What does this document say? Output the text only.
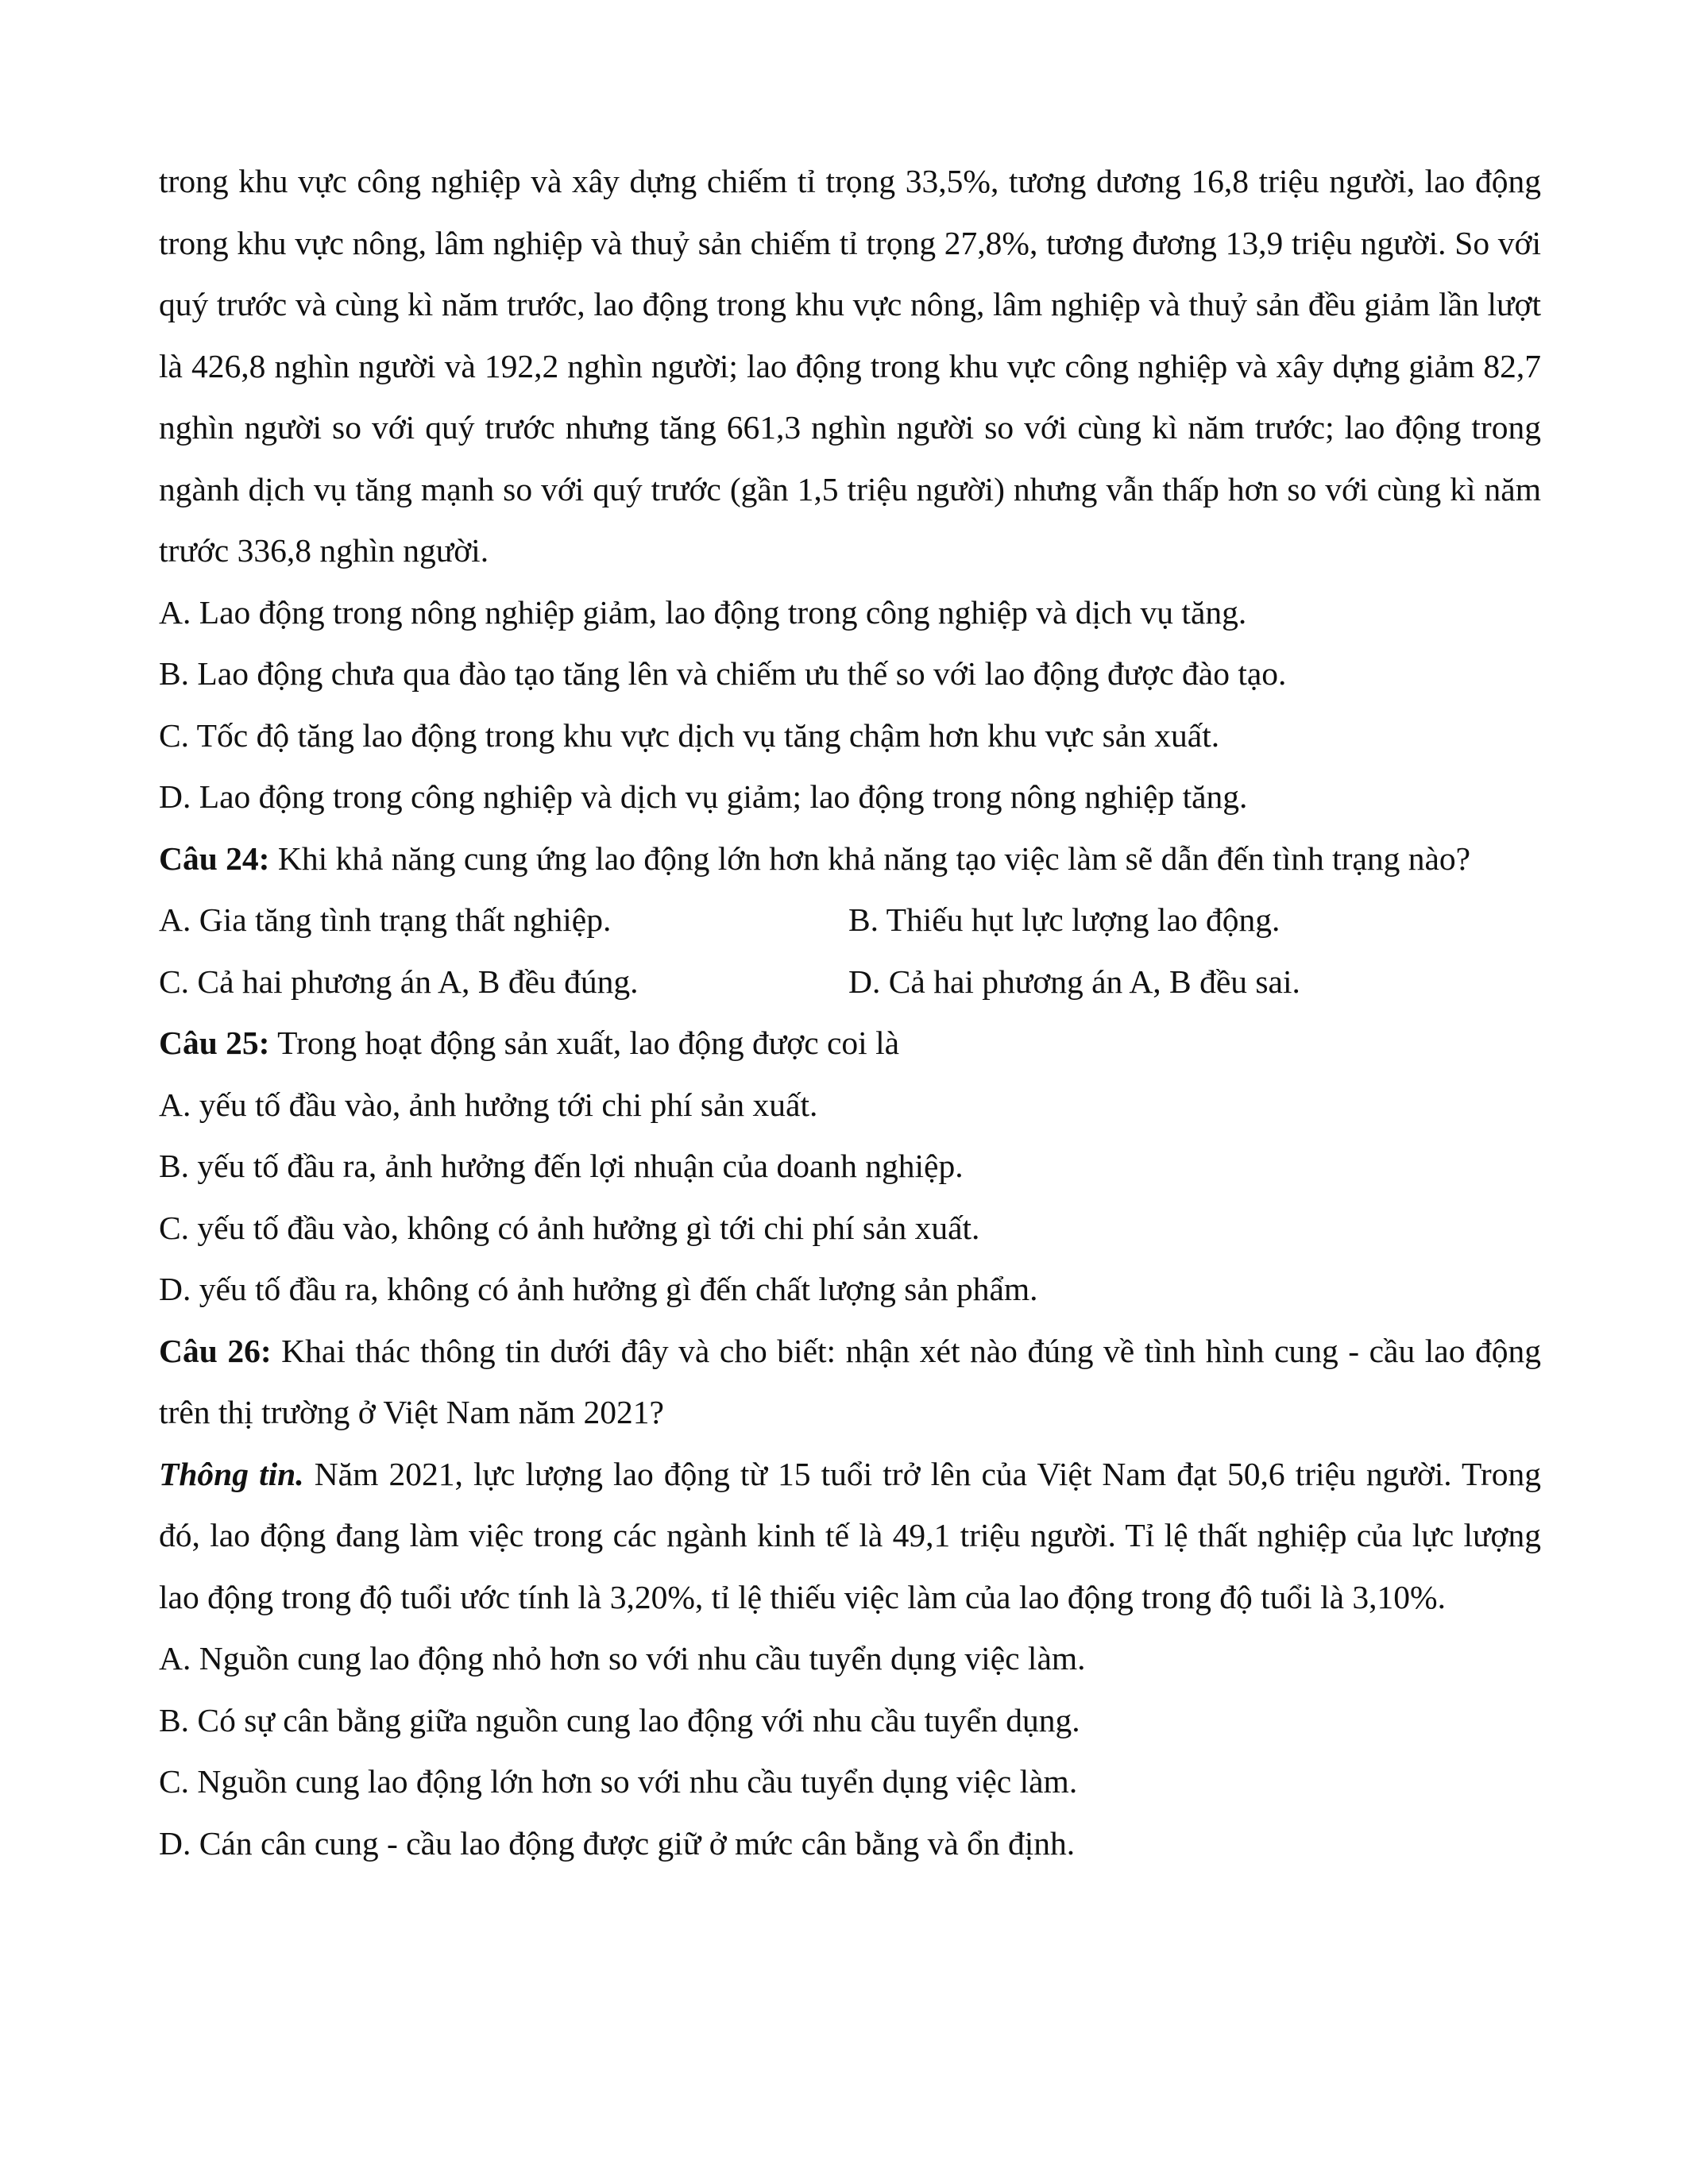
trong khu vực công nghiệp và xây dựng chiếm tỉ trọng 33,5%, tương dương 16,8 triệu người, lao động trong khu vực nông, lâm nghiệp và thuỷ sản chiếm tỉ trọng 27,8%, tương đương 13,9 triệu người. So với quý trước và cùng kì năm trước, lao động trong khu vực nông, lâm nghiệp và thuỷ sản đều giảm lần lượt là 426,8 nghìn người và 192,2 nghìn người; lao động trong khu vực công nghiệp và xây dựng giảm 82,7 nghìn người so với quý trước nhưng tăng 661,3 nghìn người so với cùng kì năm trước; lao động trong ngành dịch vụ tăng mạnh so với quý trước (gần 1,5 triệu người) nhưng vẫn thấp hơn so với cùng kì năm trước 336,8 nghìn người.

A. Lao động trong nông nghiệp giảm, lao động trong công nghiệp và dịch vụ tăng.
B. Lao động chưa qua đào tạo tăng lên và chiếm ưu thế so với lao động được đào tạo.
C. Tốc độ tăng lao động trong khu vực dịch vụ tăng chậm hơn khu vực sản xuất.
D. Lao động trong công nghiệp và dịch vụ giảm; lao động trong nông nghiệp tăng.

Câu 24: Khi khả năng cung ứng lao động lớn hơn khả năng tạo việc làm sẽ dẫn đến tình trạng nào?

A. Gia tăng tình trạng thất nghiệp.	B. Thiếu hụt lực lượng lao động.
C. Cả hai phương án A, B đều đúng.	D. Cả hai phương án A, B đều sai.

Câu 25: Trong hoạt động sản xuất, lao động được coi là

A. yếu tố đầu vào, ảnh hưởng tới chi phí sản xuất.
B. yếu tố đầu ra, ảnh hưởng đến lợi nhuận của doanh nghiệp.
C. yếu tố đầu vào, không có ảnh hưởng gì tới chi phí sản xuất.
D. yếu tố đầu ra, không có ảnh hưởng gì đến chất lượng sản phẩm.

Câu 26: Khai thác thông tin dưới đây và cho biết: nhận xét nào đúng về tình hình cung - cầu lao động trên thị trường ở Việt Nam năm 2021?

Thông tin. Năm 2021, lực lượng lao động từ 15 tuổi trở lên của Việt Nam đạt 50,6 triệu người. Trong đó, lao động đang làm việc trong các ngành kinh tế là 49,1 triệu người. Tỉ lệ thất nghiệp của lực lượng lao động trong độ tuổi ước tính là 3,20%, tỉ lệ thiếu việc làm của lao động trong độ tuổi là 3,10%.

A. Nguồn cung lao động nhỏ hơn so với nhu cầu tuyển dụng việc làm.
B. Có sự cân bằng giữa nguồn cung lao động với nhu cầu tuyển dụng.
C. Nguồn cung lao động lớn hơn so với nhu cầu tuyển dụng việc làm.
D. Cán cân cung - cầu lao động được giữ ở mức cân bằng và ổn định.
